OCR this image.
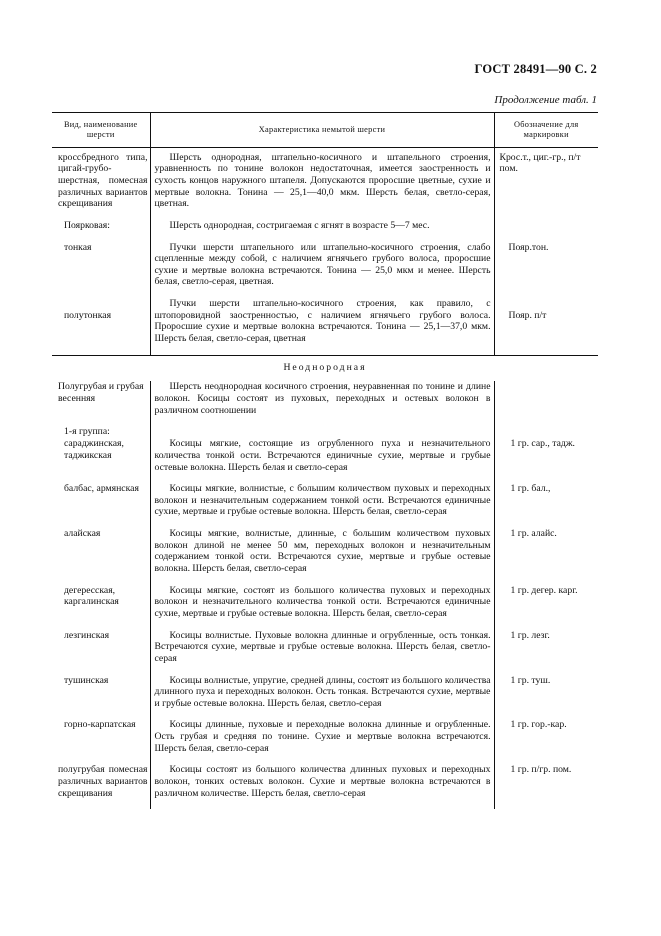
ГОСТ 28491—90 С. 2
Продолжение табл. 1
Вид, наименование шерсти	Характеристика немытой шерсти	Обозначение для маркировки
кроссбредного типа, цигай-грубо-шерстная, помесная различных вариантов скрещивания	Шерсть однородная, штапельно-косичного и штапельного строения, уравненность по тонине волокон недостаточная, имеется заостренность и сухость концов наружного штапеля. Допускаются проросшие цветные, сухие и мертвые волокна. Тонина — 25,1—40,0 мкм. Шерсть белая, светло-серая, цветная.	Крос.т., циг.-гр., п/т пом.
Поярковая:	Шерсть однородная, состригаемая с ягнят в возрасте 5—7 мес.	
тонкая	Пучки шерсти штапельного или штапельно-косичного строения, слабо сцепленные между собой, с наличием ягнячьего грубого волоса, проросшие сухие и мертвые волокна встречаются. Тонина — 25,0 мкм и менее. Шерсть белая, светло-серая, цветная.	Пояр.тон.
полутонкая	Пучки шерсти штапельно-косичного строения, как правило, с штопоровидной заостренностью, с наличием ягнячьего грубого волоса. Проросшие сухие и мертвые волокна встречаются. Тонина — 25,1—37,0 мкм. Шерсть белая, светло-серая, цветная	Пояр. п/т
Неоднородная		
Полугрубая и грубая весенняя	Шерсть неоднородная косичного строения, неуравненная по тонине и длине волокон. Косицы состоят из пуховых, переходных и остевых волокон в различном соотношении	
1-я группа: сараджинская, таджикская	Косицы мягкие, состоящие из огрубленного пуха и незначительного количества тонкой ости. Встречаются единичные сухие, мертвые и грубые остевые волокна. Шерсть белая и светло-серая	1 гр. сар., тадж.
балбас, армянская	Косицы мягкие, волнистые, с большим количеством пуховых и переходных волокон и незначительным содержанием тонкой ости. Встречаются единичные сухие, мертвые и грубые остевые волокна. Шерсть белая, светло-серая	1 гр. бал.,
алайская	Косицы мягкие, волнистые, длинные, с большим количеством пуховых волокон длиной не менее 50 мм, переходных волокон и незначительным содержанием тонкой ости. Встречаются сухие, мертвые и грубые остевые волокна. Шерсть белая, светло-серая	1 гр. алайс.
дегересская, каргалинская	Косицы мягкие, состоят из большого количества пуховых и переходных волокон и незначительного количества тонкой ости. Встречаются единичные сухие, мертвые и грубые остевые волокна. Шерсть белая, светло-серая	1 гр. дегер. карг.
лезгинская	Косицы волнистые. Пуховые волокна длинные и огрубленные, ость тонкая. Встречаются сухие, мертвые и грубые остевые волокна. Шерсть белая, светло-серая	1 гр. лезг.
тушинская	Косицы волнистые, упругие, средней длины, состоят из большого количества длинного пуха и переходных волокон. Ость тонкая. Встречаются сухие, мертвые и грубые остевые волокна. Шерсть белая, светло-серая	1 гр. туш.
горно-карпатская	Косицы длинные, пуховые и переходные волокна длинные и огрубленные. Ость грубая и средняя по тонине. Сухие и мертвые волокна встречаются. Шерсть белая, светло-серая	1 гр. гор.-кар.
полугрубая помесная различных вариантов скрещивания	Косицы состоят из большого количества длинных пуховых и переходных волокон, тонких остевых волокон. Сухие и мертвые волокна встречаются в различном количестве. Шерсть белая, светло-серая	1 гр. п/гр. пом.
